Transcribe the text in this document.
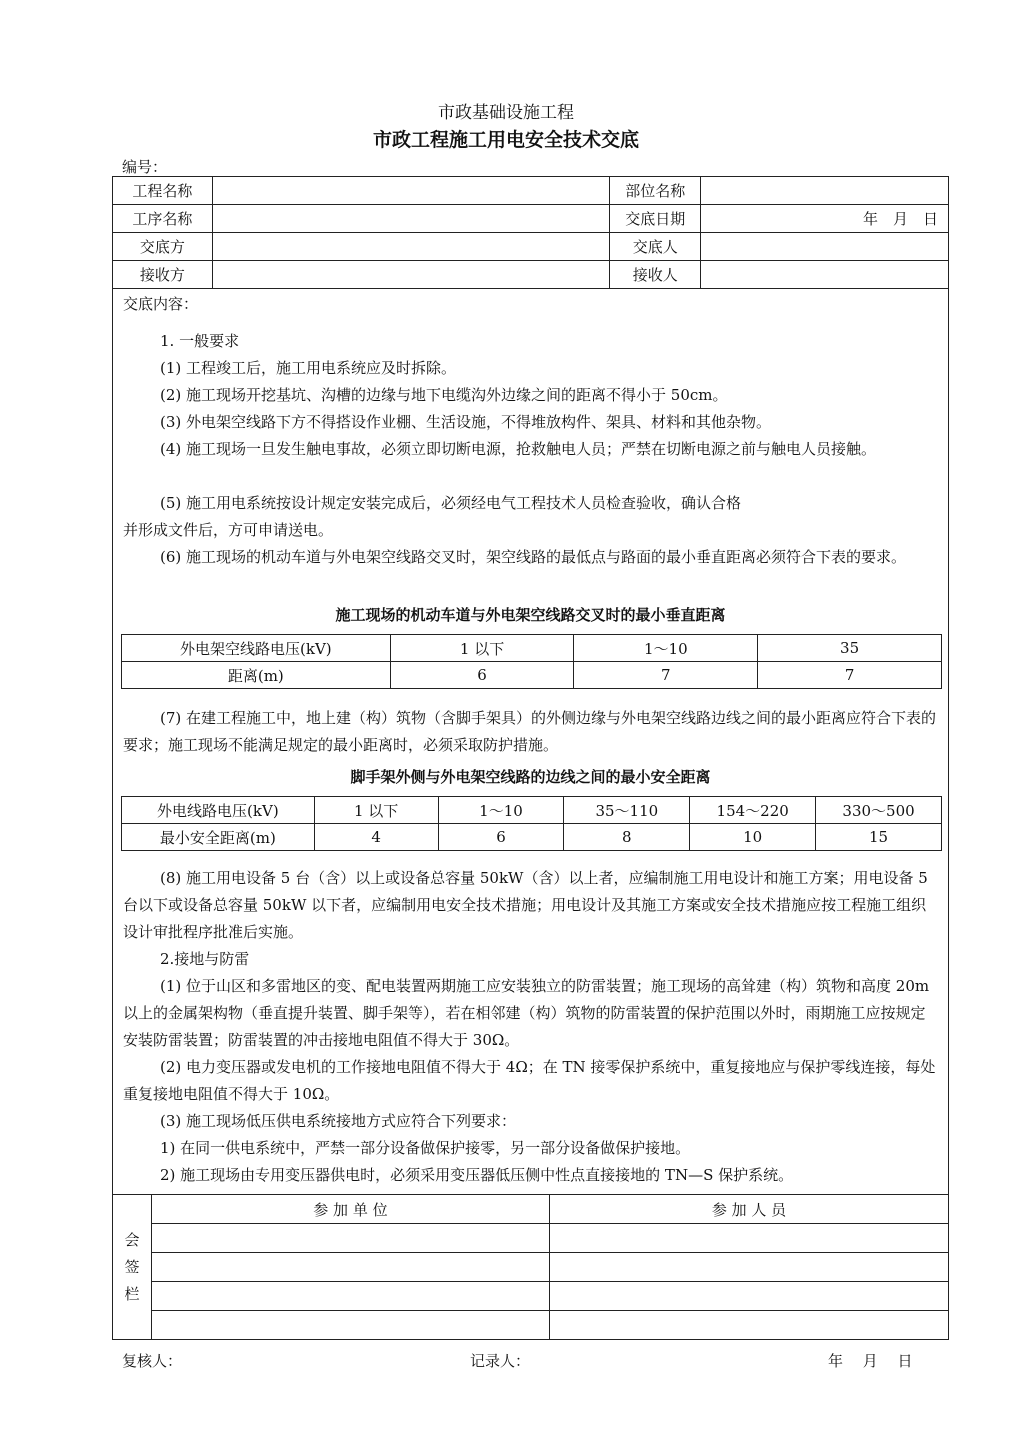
市政基础设施工程
市政工程施工用电安全技术交底
编号：
工程名称		部位名称	
工序名称		交底日期	年　月　日
交底方		交底人	
接收方		接收人	
交底内容：
1. 一般要求
(1) 工程竣工后，施工用电系统应及时拆除。
(2) 施工现场开挖基坑、沟槽的边缘与地下电缆沟外边缘之间的距离不得小于 50cm。
(3) 外电架空线路下方不得搭设作业棚、生活设施，不得堆放构件、架具、材料和其他杂物。
(4) 施工现场一旦发生触电事故，必须立即切断电源，抢救触电人员；严禁在切断电源之前与触电人员接触。
(5) 施工用电系统按设计规定安装完成后，必须经电气工程技术人员检查验收，确认合格
并形成文件后，方可申请送电。
(6) 施工现场的机动车道与外电架空线路交叉时，架空线路的最低点与路面的最小垂直距离必须符合下表的要求。
施工现场的机动车道与外电架空线路交叉时的最小垂直距离
外电架空线路电压(kV)	1 以下	1～10	35
距离(m)	6	7	7
(7) 在建工程施工中，地上建（构）筑物（含脚手架具）的外侧边缘与外电架空线路边线之间的最小距离应符合下表的要求；施工现场不能满足规定的最小距离时，必须采取防护措施。
脚手架外侧与外电架空线路的边线之间的最小安全距离
外电线路电压(kV)	1 以下	1～10	35～110	154～220	330～500
最小安全距离(m)	4	6	8	10	15
(8) 施工用电设备 5 台（含）以上或设备总容量 50kW（含）以上者，应编制施工用电设计和施工方案；用电设备 5 台以下或设备总容量 50kW 以下者，应编制用电安全技术措施；用电设计及其施工方案或安全技术措施应按工程施工组织设计审批程序批准后实施。
2.接地与防雷
(1) 位于山区和多雷地区的变、配电装置两期施工应安装独立的防雷装置；施工现场的高耸建（构）筑物和高度 20m 以上的金属架构物（垂直提升装置、脚手架等），若在相邻建（构）筑物的防雷装置的保护范围以外时，雨期施工应按规定安装防雷装置；防雷装置的冲击接地电阻值不得大于 30Ω。
(2) 电力变压器或发电机的工作接地电阻值不得大于 4Ω；在 TN 接零保护系统中，重复接地应与保护零线连接，每处重复接地电阻值不得大于 10Ω。
(3) 施工现场低压供电系统接地方式应符合下列要求：
1) 在同一供电系统中，严禁一部分设备做保护接零，另一部分设备做保护接地。
2) 施工现场由专用变压器供电时，必须采用变压器低压侧中性点直接接地的 TN—S 保护系统。
会签栏	参 加 单 位	参 加 人 员

复核人：	记录人：	年　 月　 日
